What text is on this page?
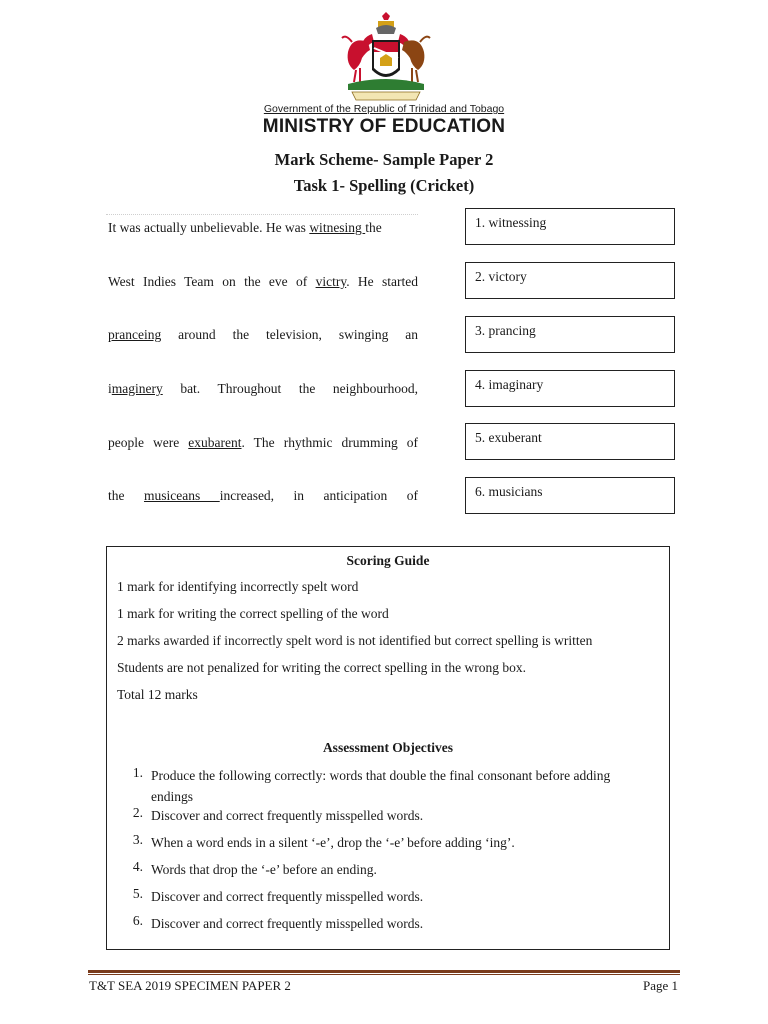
Government of the Republic of Trinidad and Tobago
MINISTRY OF EDUCATION
Mark Scheme- Sample Paper 2
Task 1- Spelling (Cricket)
It was actually unbelievable. He was witnesing the
West Indies Team on the eve of victry. He started
pranceing around the television, swinging an
imaginery bat. Throughout the neighbourhood,
people were exubarent. The rhythmic drumming of
the musiceans increased, in anticipation of
1. witnessing
2. victory
3. prancing
4. imaginary
5. exuberant
6. musicians
Scoring Guide
1 mark for identifying incorrectly spelt word
1 mark for writing the correct spelling of the word
2 marks awarded if incorrectly spelt word is not identified but correct spelling is written
Students are not penalized for writing the correct spelling in the wrong box.
Total 12 marks
Assessment Objectives
1. Produce the following correctly: words that double the final consonant before adding endings
2. Discover and correct frequently misspelled words.
3. When a word ends in a silent ‘-e’, drop the ‘-e’ before adding ‘ing’.
4. Words that drop the ‘-e’ before an ending.
5. Discover and correct frequently misspelled words.
6. Discover and correct frequently misspelled words.
T&T SEA 2019 SPECIMEN PAPER 2	Page 1
